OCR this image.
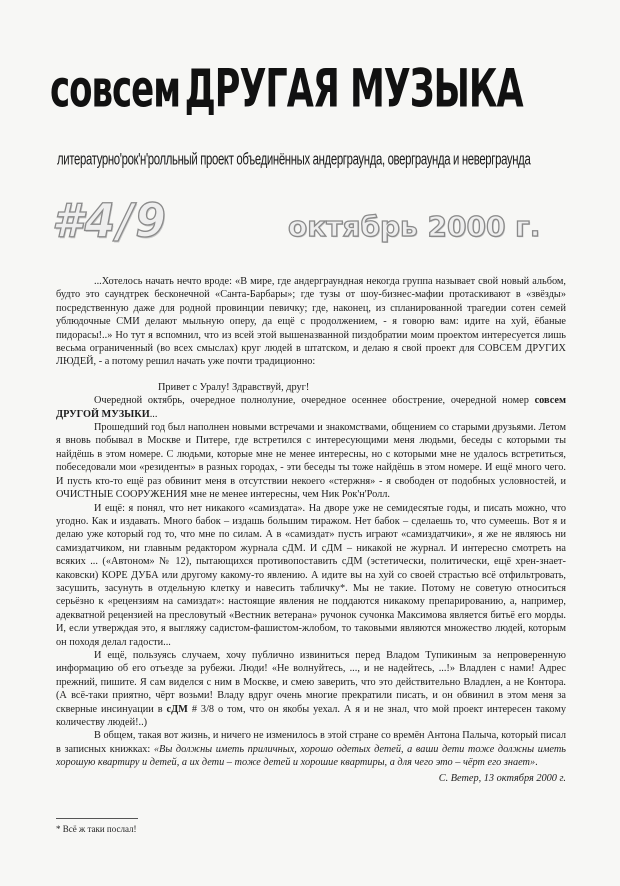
совсем ДРУГАЯ МУЗЫКА
литературно'рок'н'ролльный проект объединённых андерграунда, оверграунда и неверграунда
#4/9	октябрь 2000 г.

...Хотелось начать нечто вроде: «В мире, где андерграундная некогда группа называет свой новый альбом, будто это саундтрек бесконечной «Санта-Барбары»; где тузы от шоу-бизнес-мафии протаскивают в «звёзды» посредственную даже для родной провинции певичку; где, наконец, из спланированной трагедии сотен семей ублюдочные СМИ делают мыльную оперу, да ещё с продолжением, - я говорю вам: идите на хуй, ёбаные пидорасы!..» Но тут я вспомнил, что из всей этой вышеназванной пиздобратии моим проектом интересуется лишь весьма ограниченный (во всех смыслах) круг людей в штатском, и делаю я свой проект для СОВСЕМ ДРУГИХ ЛЮДЕЙ, - а потому решил начать уже почти традиционно:

Привет с Уралу! Здравствуй, друг!

Очередной октябрь, очередное полнолуние, очередное осеннее обострение, очередной номер совсем ДРУГОЙ МУЗЫКИ...

Прошедший год был наполнен новыми встречами и знакомствами, общением со старыми друзьями. Летом я вновь побывал в Москве и Питере, где встретился с интересующими меня людьми, беседы с которыми ты найдёшь в этом номере. С людьми, которые мне не менее интересны, но с которыми мне не удалось встретиться, побеседовали мои «резиденты» в разных городах, - эти беседы ты тоже найдёшь в этом номере. И ещё много чего. И пусть кто-то ещё раз обвинит меня в отсутствии некоего «стержня» - я свободен от подобных условностей, и ОЧИСТНЫЕ СООРУЖЕНИЯ мне не менее интересны, чем Ник Рок'н'Ролл.

И ещё: я понял, что нет никакого «самиздата». На дворе уже не семидесятые годы, и писать можно, что угодно. Как и издавать. Много бабок – издашь большим тиражом. Нет бабок – сделаешь то, что сумеешь. Вот я и делаю уже который год то, что мне по силам. А в «самиздат» пусть играют «самиздатчики», я же не являюсь ни самиздатчиком, ни главным редактором журнала сДМ. И сДМ – никакой не журнал. И интересно смотреть на всяких ... («Автоном» № 12), пытающихся противопоставить сДМ (эстетически, политически, ещё хрен-знает-каковски) КОРЕ ДУБА или другому какому-то явлению. А идите вы на хуй со своей страстью всё отфильтровать, засушить, засунуть в отдельную клетку и навесить табличку*. Мы не такие. Потому не советую относиться серьёзно к «рецензиям на самиздат»: настоящие явления не поддаются никакому препарированию, а, например, адекватной рецензией на пресловутый «Вестник ветерана» ручонок сучонка Максимова является битьё его морды. И, если утверждая это, я выгляжу садистом-фашистом-жлобом, то таковыми являются множество людей, которым он походя делал гадости...

И ещё, пользуясь случаем, хочу публично извиниться перед Владом Тупикиным за непроверенную информацию об его отъезде за рубежи. Люди! «Не волнуйтесь, ..., и не надейтесь, ...!» Владлен с нами! Адрес прежний, пишите. Я сам виделся с ним в Москве, и смею заверить, что это действительно Владлен, а не Контора. (А всё-таки приятно, чёрт возьми! Владу вдруг очень многие прекратили писать, и он обвинил в этом меня за скверные инсинуации в сДМ # 3/8 о том, что он якобы уехал. А я и не знал, что мой проект интересен такому количеству людей!..)

В общем, такая вот жизнь, и ничего не изменилось в этой стране со времён Антона Палыча, который писал в записных книжках: «Вы должны иметь приличных, хорошо одетых детей, а ваши дети тоже должны иметь хорошую квартиру и детей, а их дети – тоже детей и хорошие квартиры, а для чего это – чёрт его знает».

С. Ветер, 13 октября 2000 г.

* Всё ж таки послал!
